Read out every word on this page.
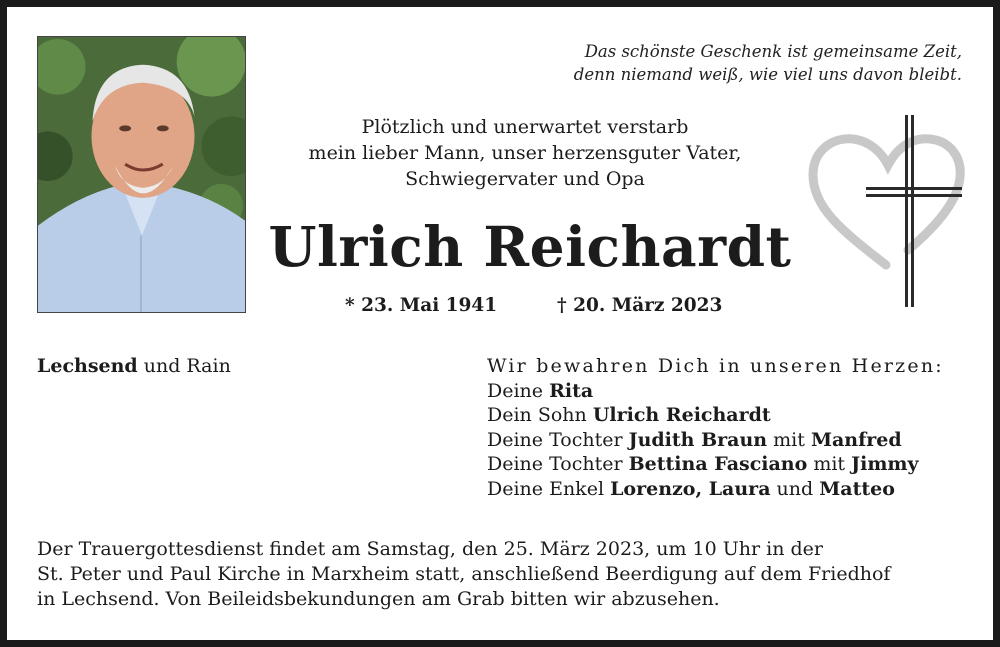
Das schönste Geschenk ist gemeinsame Zeit,
denn niemand weiß, wie viel uns davon bleibt.
Plötzlich und unerwartet verstarb
mein lieber Mann, unser herzensguter Vater,
Schwiegervater und Opa
Ulrich Reichardt
* 23. Mai 1941	† 20. März 2023
Lechsend und Rain	Wir bewahren Dich in unseren Herzen:
Deine Rita
Dein Sohn Ulrich Reichardt
Deine Tochter Judith Braun mit Manfred
Deine Tochter Bettina Fasciano mit Jimmy
Deine Enkel Lorenzo, Laura und Matteo
Der Trauergottesdienst findet am Samstag, den 25. März 2023, um 10 Uhr in der
St. Peter und Paul Kirche in Marxheim statt, anschließend Beerdigung auf dem Friedhof
in Lechsend. Von Beileidsbekundungen am Grab bitten wir abzusehen.
